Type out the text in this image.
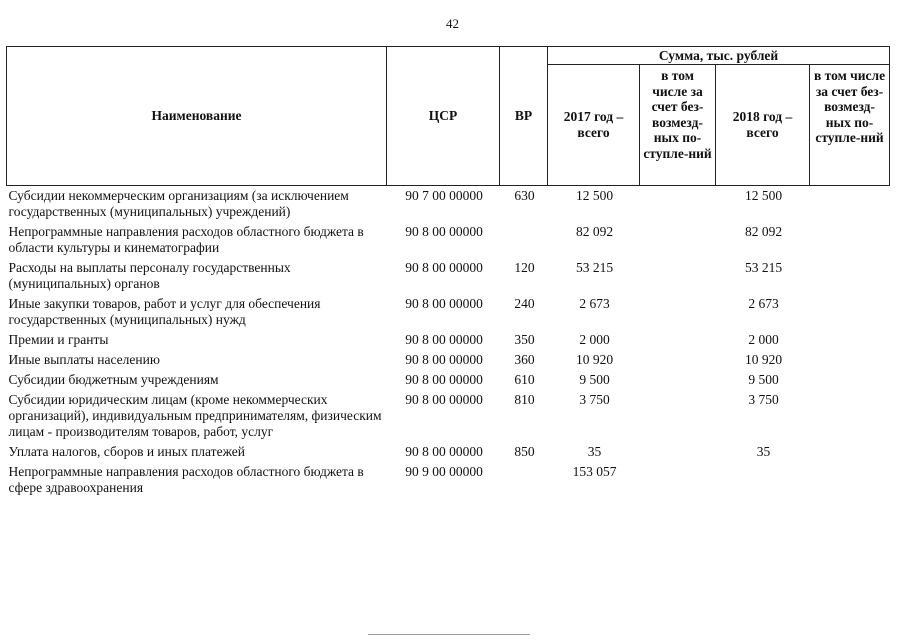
42
Наименование	ЦСР	ВР	Сумма, тыс. рублей			
			2017 год – всего	в том числе за счет без-возмезд-ных по-ступле-ний	2018 год – всего	в том числе за счет без-возмезд-ных по-ступле-ний
Субсидии некоммерческим организациям (за исключением государственных (муниципальных) учреждений)	90 7 00 00000	630	12 500		12 500	
Непрограммные направления расходов областного бюджета в области культуры и кинематографии	90 8 00 00000		82 092		82 092	
Расходы на выплаты персоналу государственных (муниципальных) органов	90 8 00 00000	120	53 215		53 215	
Иные закупки товаров, работ и услуг для обеспечения государственных (муниципальных) нужд	90 8 00 00000	240	2 673		2 673	
Премии и гранты	90 8 00 00000	350	2 000		2 000	
Иные выплаты населению	90 8 00 00000	360	10 920		10 920	
Субсидии бюджетным учреждениям	90 8 00 00000	610	9 500		9 500	
Субсидии юридическим лицам (кроме некоммерческих организаций), индивидуальным предпринимателям, физическим лицам - производителям товаров, работ, услуг	90 8 00 00000	810	3 750		3 750	
Уплата налогов, сборов и иных платежей	90 8 00 00000	850	35		35	
Непрограммные направления расходов областного бюджета в сфере здравоохранения	90 9 00 00000		153 057			
